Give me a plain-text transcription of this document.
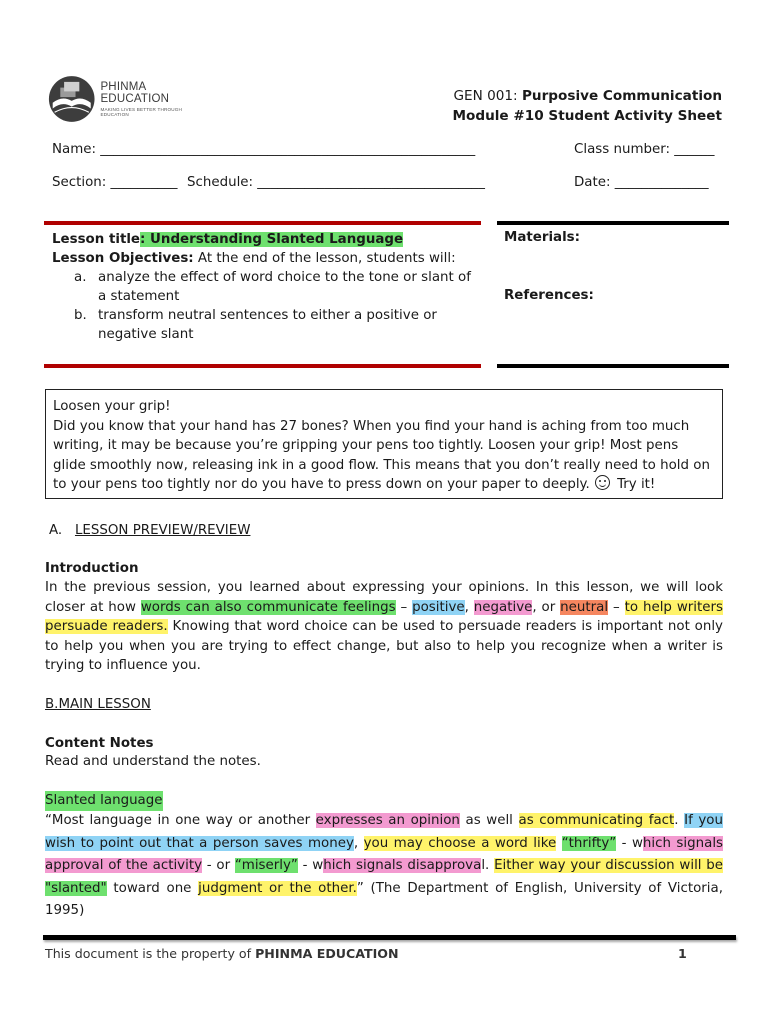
PHINMA EDUCATION
MAKING LIVES BETTER THROUGH EDUCATION
GEN 001: Purposive Communication
Module #10 Student Activity Sheet
Name: ________________________________________________________	Class number: ______
Section: __________ Schedule: __________________________________	Date: ______________
Lesson title: Understanding Slanted Language
Lesson Objectives: At the end of the lesson, students will:
a. analyze the effect of word choice to the tone or slant of a statement
b. transform neutral sentences to either a positive or negative slant
Materials:
References:
Loosen your grip!
Did you know that your hand has 27 bones? When you find your hand is aching from too much writing, it may be because you’re gripping your pens too tightly. Loosen your grip! Most pens glide smoothly now, releasing ink in a good flow. This means that you don’t really need to hold on to your pens too tightly nor do you have to press down on your paper to deeply. Try it!
A. LESSON PREVIEW/REVIEW
Introduction
In the previous session, you learned about expressing your opinions. In this lesson, we will look closer at how words can also communicate feelings – positive, negative, or neutral – to help writers persuade readers. Knowing that word choice can be used to persuade readers is important not only to help you when you are trying to effect change, but also to help you recognize when a writer is trying to influence you.
B.MAIN LESSON
Content Notes
Read and understand the notes.
Slanted language
“Most language in one way or another expresses an opinion as well as communicating fact. If you wish to point out that a person saves money, you may choose a word like “thrifty” - which signals approval of the activity - or “miserly” - which signals disapproval. Either way your discussion will be "slanted" toward one judgment or the other.” (The Department of English, University of Victoria, 1995)
This document is the property of PHINMA EDUCATION	1
